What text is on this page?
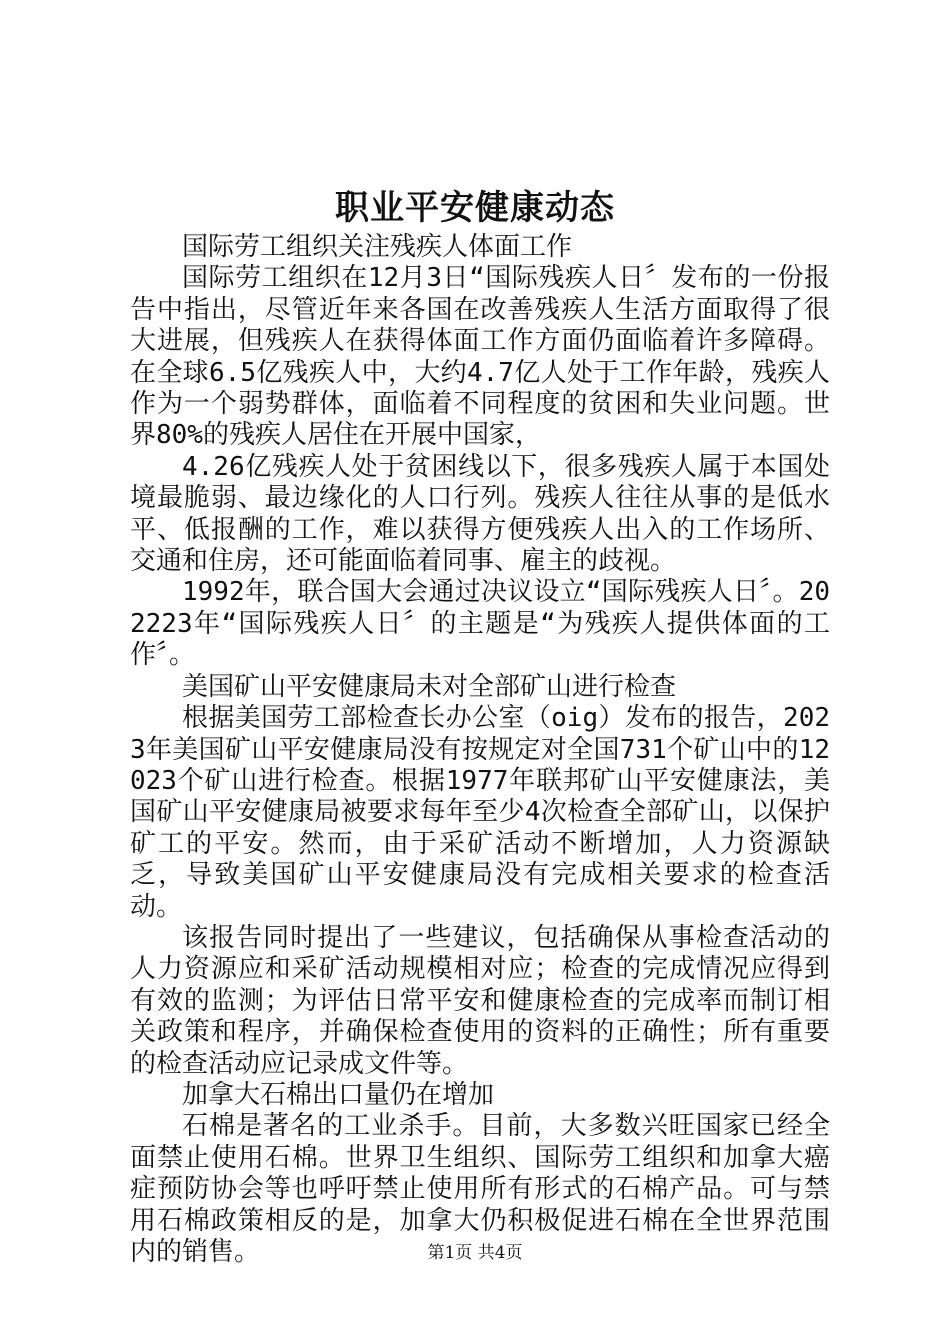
职业平安健康动态

国际劳工组织关注残疾人体面工作

国际劳工组织在12月3日“国际残疾人日〞发布的一份报告中指出，尽管近年来各国在改善残疾人生活方面取得了很大进展，但残疾人在获得体面工作方面仍面临着许多障碍。在全球6.5亿残疾人中，大约4.7亿人处于工作年龄，残疾人作为一个弱势群体，面临着不同程度的贫困和失业问题。世界80%的残疾人居住在开展中国家，

4.26亿残疾人处于贫困线以下，很多残疾人属于本国处境最脆弱、最边缘化的人口行列。残疾人往往从事的是低水平、低报酬的工作，难以获得方便残疾人出入的工作场所、交通和住房，还可能面临着同事、雇主的歧视。

1992年，联合国大会通过决议设立“国际残疾人日〞。202223年“国际残疾人日〞的主题是“为残疾人提供体面的工作〞。

美国矿山平安健康局未对全部矿山进行检查

根据美国劳工部检查长办公室（oig）发布的报告，2023年美国矿山平安健康局没有按规定对全国731个矿山中的12023个矿山进行检查。根据1977年联邦矿山平安健康法，美国矿山平安健康局被要求每年至少4次检查全部矿山，以保护矿工的平安。然而，由于采矿活动不断增加，人力资源缺乏，导致美国矿山平安健康局没有完成相关要求的检查活动。

该报告同时提出了一些建议，包括确保从事检查活动的人力资源应和采矿活动规模相对应；检查的完成情况应得到有效的监测；为评估日常平安和健康检查的完成率而制订相关政策和程序，并确保检查使用的资料的正确性；所有重要的检查活动应记录成文件等。

加拿大石棉出口量仍在增加

石棉是著名的工业杀手。目前，大多数兴旺国家已经全面禁止使用石棉。世界卫生组织、国际劳工组织和加拿大癌症预防协会等也呼吁禁止使用所有形式的石棉产品。可与禁用石棉政策相反的是，加拿大仍积极促进石棉在全世界范围内的销售。	第1页 共4页
